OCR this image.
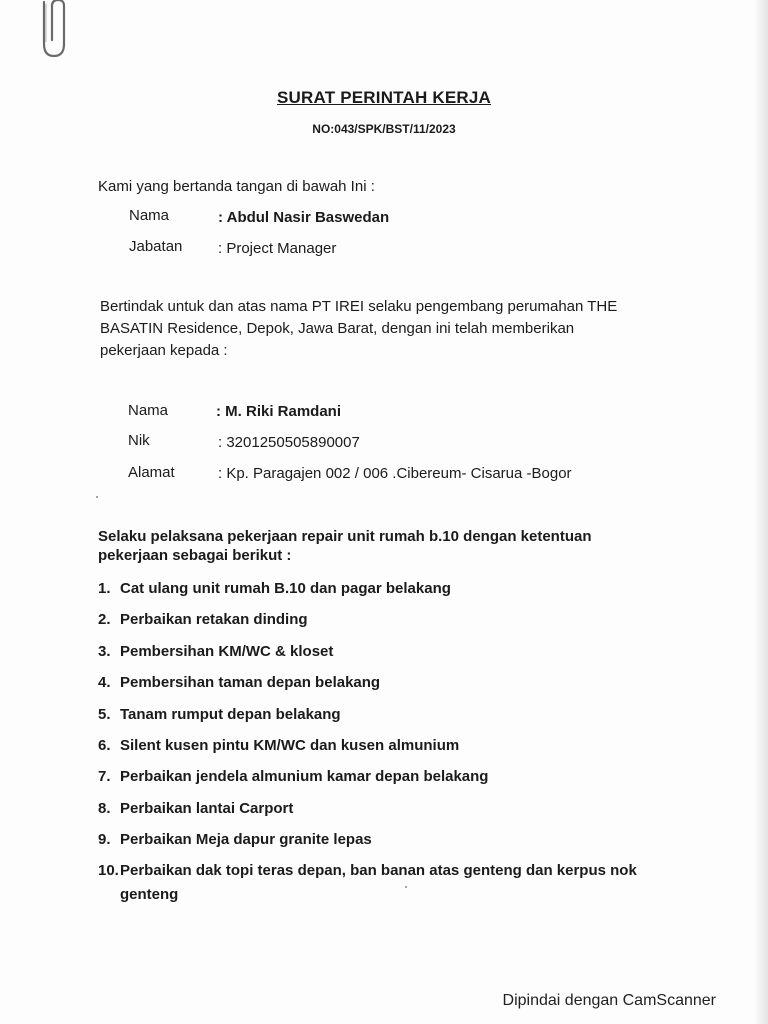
SURAT PERINTAH KERJA
NO:043/SPK/BST/11/2023
Kami yang bertanda tangan di bawah Ini :
Nama	: Abdul Nasir Baswedan
Jabatan : Project Manager
Bertindak untuk dan atas nama PT IREI selaku pengembang perumahan THE
BASATIN Residence, Depok, Jawa Barat, dengan ini telah memberikan
pekerjaan kepada :
Nama	: M. Riki Ramdani
Nik	: 3201250505890007
Alamat	: Kp. Paragajen 002 / 006 .Cibereum- Cisarua -Bogor
Selaku pelaksana pekerjaan repair unit rumah b.10 dengan ketentuan
pekerjaan sebagai berikut :
1. Cat ulang unit rumah B.10 dan pagar belakang
2. Perbaikan retakan dinding
3. Pembersihan KM/WC & kloset
4. Pembersihan taman depan belakang
5. Tanam rumput depan belakang
6. Silent kusen pintu KM/WC dan kusen almunium
7. Perbaikan jendela almunium kamar depan belakang
8. Perbaikan lantai Carport
9. Perbaikan Meja dapur granite lepas
10.Perbaikan dak topi teras depan, ban banan atas genteng dan kerpus nok
genteng
Dipindai dengan CamScanner
